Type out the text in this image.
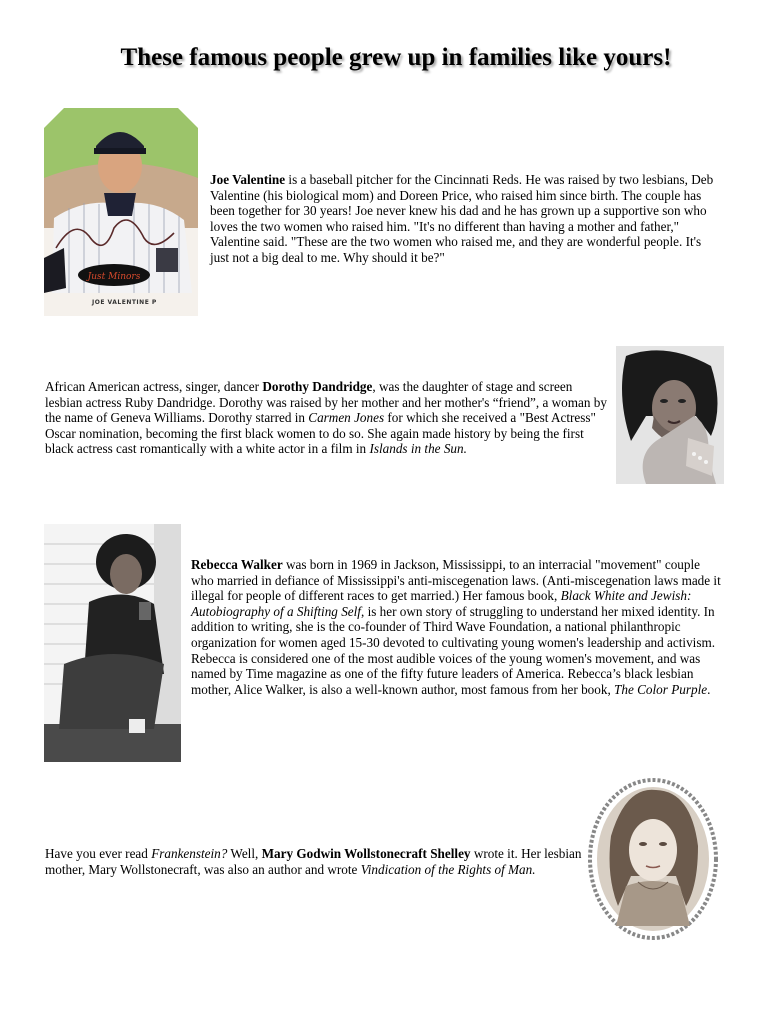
These famous people grew up in families like yours!
Just Minors
JOE VALENTINE P
Joe Valentine is a baseball pitcher for the Cincinnati Reds. He was raised by two lesbians, Deb Valentine (his biological mom) and Doreen Price, who raised him since birth. The couple has been together for 30 years! Joe never knew his dad and he has grown up a supportive son who loves the two women who raised him. "It's no different than having a mother and father," Valentine said. "These are the two women who raised me, and they are wonderful people. It's just not a big deal to me. Why should it be?"
African American actress, singer, dancer Dorothy Dandridge, was the daughter of stage and screen lesbian actress Ruby Dandridge. Dorothy was raised by her mother and her mother's “friend”, a woman by the name of Geneva Williams. Dorothy starred in Carmen Jones for which she received a "Best Actress" Oscar nomination, becoming the first black women to do so. She again made history by being the first black actress cast romantically with a white actor in a film in Islands in the Sun.
Rebecca Walker was born in 1969 in Jackson, Mississippi, to an interracial "movement" couple who married in defiance of Mississippi's anti-miscegenation laws. (Anti-miscegenation laws made it illegal for people of different races to get married.) Her famous book, Black White and Jewish: Autobiography of a Shifting Self, is her own story of struggling to understand her mixed identity. In addition to writing, she is the co-founder of Third Wave Foundation, a national philanthropic organization for women aged 15-30 devoted to cultivating young women's leadership and activism. Rebecca is considered one of the most audible voices of the young women's movement, and was named by Time magazine as one of the fifty future leaders of America. Rebecca’s black lesbian mother, Alice Walker, is also a well-known author, most famous from her book, The Color Purple.
Have you ever read Frankenstein? Well, Mary Godwin Wollstonecraft Shelley wrote it. Her lesbian mother, Mary Wollstonecraft, was also an author and wrote Vindication of the Rights of Man.
